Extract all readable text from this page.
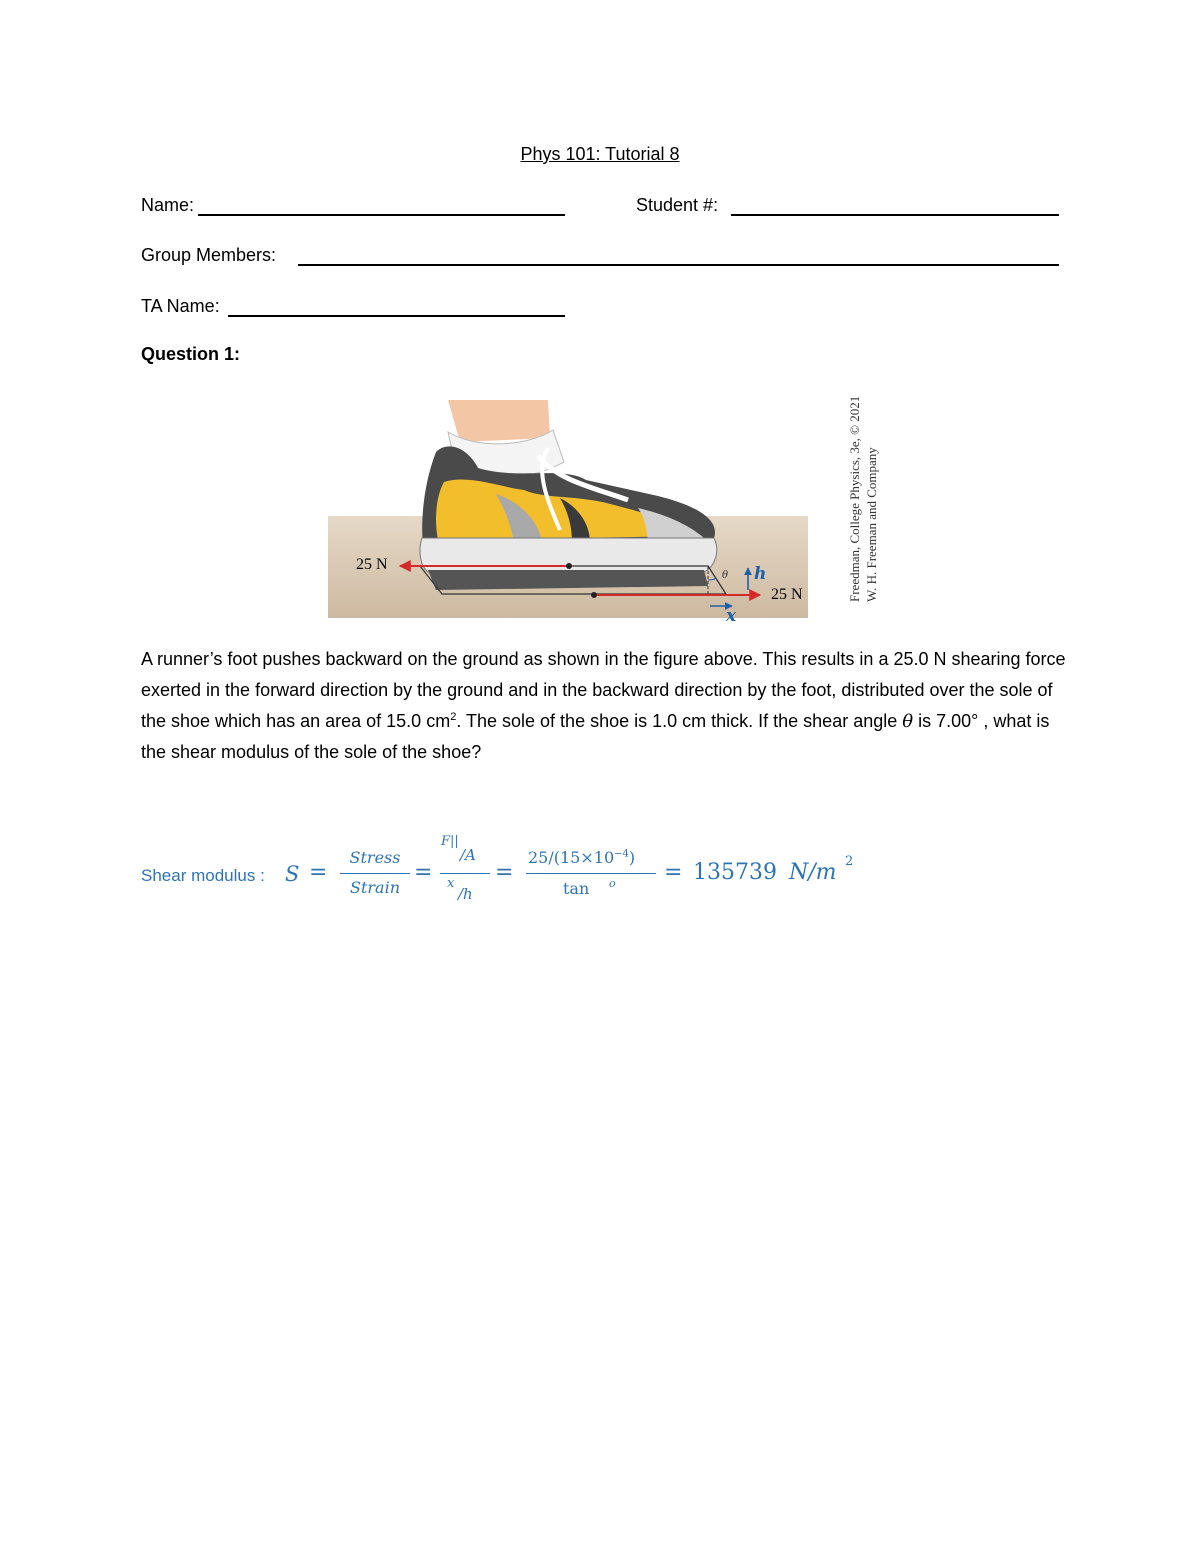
Phys 101: Tutorial 8
Name:	Student #:
Group Members:
TA Name:
Question 1:
25 N
25 N
h
x
θ	Freedman, College Physics, 3e, © 2021 W. H. Freeman and Company
A runner’s foot pushes backward on the ground as shown in the figure above. This results in a 25.0 N shearing force exerted in the forward direction by the ground and in the backward direction by the foot, distributed over the sole of the shoe which has an area of 15.0 $cm^2$. The sole of the shoe is 1.0 cm thick. If the shear angle θ is 7.00° , what is the shear modulus of the sole of the shoe?
Shear modulus : S =
Stress
Strain
=
F||
/A
x
/h
=
$25/(15\times 10^{-4})$
tan o = 135739 N/m 2
